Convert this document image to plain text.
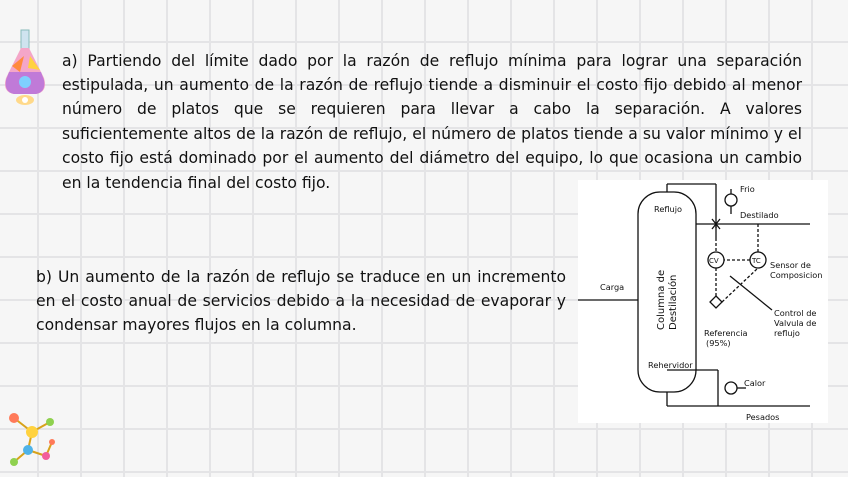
a) Partiendo del límite dado por la razón de reflujo mínima para lograr una separación estipulada, un aumento de la razón de reflujo tiende a disminuir el costo fijo debido al menor número de platos que se requieren para llevar a cabo la separación. A valores suficientemente altos de la razón de reflujo, el número de platos tiende a su valor mínimo y el costo fijo está dominado por el aumento del diámetro del equipo, lo que ocasiona un cambio en la tendencia final del costo fijo.

b) Un aumento de la razón de reflujo se traduce en un incremento en el costo anual de servicios debido a la necesidad de evaporar y condensar mayores flujos en la columna.

Frio
Reflujo
Destilado
CV	TC Sensor de
Composicion
Carga
Control de
Valvula de
reflujo
Referencia
(95%)
Rehervidor
Calor
Pesados
Columna de Destilación
